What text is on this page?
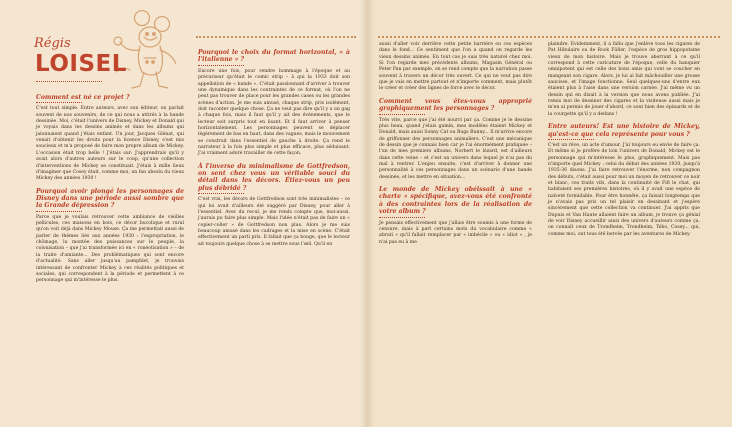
Régis
LOISEL
Comment est né ce projet ?

C'est tout simple. Entre auteurs, avec son éditeur, on parlait souvent de nos souvenirs, de ce qui nous a attirés à la bande dessinée. Moi, c'était l'univers de Disney, Mickey et Donald qui je voyais dans les dessins animés et dans les albums qui jalonnaient quand j'étais enfant. Un jour, Jacques Glénat, qui venait d'obtenir les droits pour la licence Disney, s'est mis soucieux et m'a proposé de faire mon propre album de Mickey. L'occasion était trop belle ! J'étais sur: J'apprendrais qu'il y avait alors d'autres auteurs sur le coup, qu'une collection d'interventions de Mickey se constituait. J'étais à mille lieux d'imaginer que Cosey était, comme moi, un fan absolu du vieux Mickey des années 1930 !

Pourquoi avoir plongé les personnages de Disney dans une période aussi sombre que la Grande dépression ?

Parce que je voulais retrouver cette ambiance de vieilles pellicules, ces maisons en bois, ce décor bucolique et rural qu'on voit déjà dans Mickey Mouse. Ça me permettait aussi de parler de thèmes liés aux années 1930 : l'expropriation, le chômage, la montée des puissances sur le peuple, la colonisation – que j'ai transformée ici en « ronéotisation » – de la traite d'amiante... Des problématiques qui sont encore d'actualité. Sans aller jusqu'au pamphlet, je trouvais intéressant de confronter Mickey à ces réalités politiques et sociales, qui correspondent à la période et permettent à ce personnage qui m'intéresse le plus.

Pourquoi le choix du format horizontal, « à l'italienne » ?

Encore une fois, pour rendre hommage à l'époque et au précurseur qu'était le comic strip – à qui la 1933 doit son appellation de « bande ». C'était passionnant d'arriver à trouver une dynamique dans les contraintes de ce format, où l'on ne peut pas trouver de place pour les grandes cases ou les grandes scènes d'action. Je me suis amusé, chaque strip, pris isolément, doit raconter quelque chose. Ça ne veut pas dire qu'il y a un gag à chaque fois, mais il faut qu'il y ait des événements, que le lecteur soit surpris tout en lisant. Et il faut arriver à penser horizontalement. Les personnages peuvent se déplacer légèrement de bas en haut, dans des vagues, mais le mouvement se construit dans l'essentiel de gauche à droite. Ça rend le narrateur à la fois plus simple et plus efficace, plus séduisant. J'ai vraiment adoré travailler de cette façon.

À l'inverse du minimalisme de Gottfredson, on sent chez vous un véritable souci du détail dans les décors. Étiez-vous un peu plus débridé ?

C'est vrai, les décors de Gottfredson sont très minimalistes – ce qui lui avait d'ailleurs été suggéré par Disney, pour aller à l'essentiel. Avec du recul, je me rends compte que, moi-aussi, j'aurais pu faire plus simple. Mais l'idée n'était pas de faire un « copier-coller » de Gottfredson non plus. Alors je me suis beaucoup amusé dans les cadrages et la mise en scène. C'était effectivement un parti pris. Il fallait que ça bouge, que le lecteur ait toujours quelque chose à se mettre sous l'œil. Qu'il en

aussi d'aller voir derrière cette petite barrière ou ces espèces dans le fond... Ce sentiment que l'on a quand on regarde les vieux dessins animés. En tout cas je suis très naturel chez moi. Si l'on regarde mes précédents albums, Magasin Général ou Peter Pan par exemple, on se rend compte que la narration passe souvent à travers un décor très ouvert. Ce qui ne veut pas dire que je vais en mettre partout et n'importe comment, mais plutôt le créer et créer des lignes de force avec le décor.

Comment vous êtes-vous approprié graphiquement les personnages ?

Très vite, parce que j'ai été nourri par ça. Comme je le dessine plus beau, quand j'étais gamin, mes modèles étaient Mickey et Donald, mais aussi Sonny Cat ou Bugs Bunny... Il m'arrive encore de griffonner des personnages animaliers. C'est une mécanique de dessin que je connais bien car je l'ai énormément pratiquée – l'un de mes premiers albums, Norbert le lézard, est d'ailleurs dans cette veine – et c'est un univers dans lequel je n'ai pas du mal à rentrer. L'enjeu ensuite, c'est d'arriver à donner une personnalité à ces personnages dans un scénario d'une bande dessinée, et les mettre en situation...

Le monde de Mickey obéissait à une « charte » spécifique, avez-vous été confronté à des contraintes lors de la réalisation de votre album ?

Je pensais effectivement que j'allais être soumis à une forme de censure, mais à part certains mots du vocabulaire comme « abruti » qu'il fallait remplacer par « imbécile » ou « idiot » , je n'ai pas eu à me

plaindre. Evidemment, il a fallu que j'enlève tous les cigares de Pat Hibulaire ou de Rock Füller, l'espèce de gros hippopotame vieux de mon histoire. Mais je trouve aberrant à ce qu'il correspond à cette caricature de l'époque, celle du banquier omnipotent qui est celle des bons amis qui vont se coucher en mangeant son cigare. Alors, je lui ai fait mâchouiller une grosse saucisse, et l'image fonctionne. Seul quelques-uns d'entre eux étaient plus à l'aise dans une version carnée. J'ai même vu un dessin qui en disait à la version que nous avons publiée. J'ai remis moi de dessiner des cigares et la visiteuse aussi mais je m'en ai permis de jouer d'abord, ce sont bien des épinards et de la courgette qu'il y a dedans !

Entre auteurs! Est une histoire de Mickey, qu'est-ce que cela représente pour vous ?

C'est un rêve, un acte d'amour. J'ai toujours eu envie de faire ça. Et même si je profère de loin l'univers de Donald, Mickey est le personnage qui m'intéresse le plus, graphiquement. Mais pas n'importe quel Mickey : celui du début des années 1930, jusqu'à 1935-36 disons. J'ai faire retrouver l'énorme, non compagnon des débuts, c'était aussi pour moi un moyen de retrouver ce noir et blanc, ces traits vifs, dans la continuité de Fifi le chat, qui habitaient ses premières histoires, où il y avait une espèce de naïveté formidable. Pour être honnête, ça faisait longtemps que je n'avais pas pris un tel plaisir en dessinant et j'espère sincèrement que cette collection va continuer. J'ai appris que Dupuis et Van Haute allaient faire un album, je trouve ça génial de voir Disney accueillir ainsi des univers d'auteurs comme ça, on connaît ceux de Trondheim, Trondheim, Tébo, Cosey... qui, comme moi, ont tous été bercés par les aventures de Mickey.
